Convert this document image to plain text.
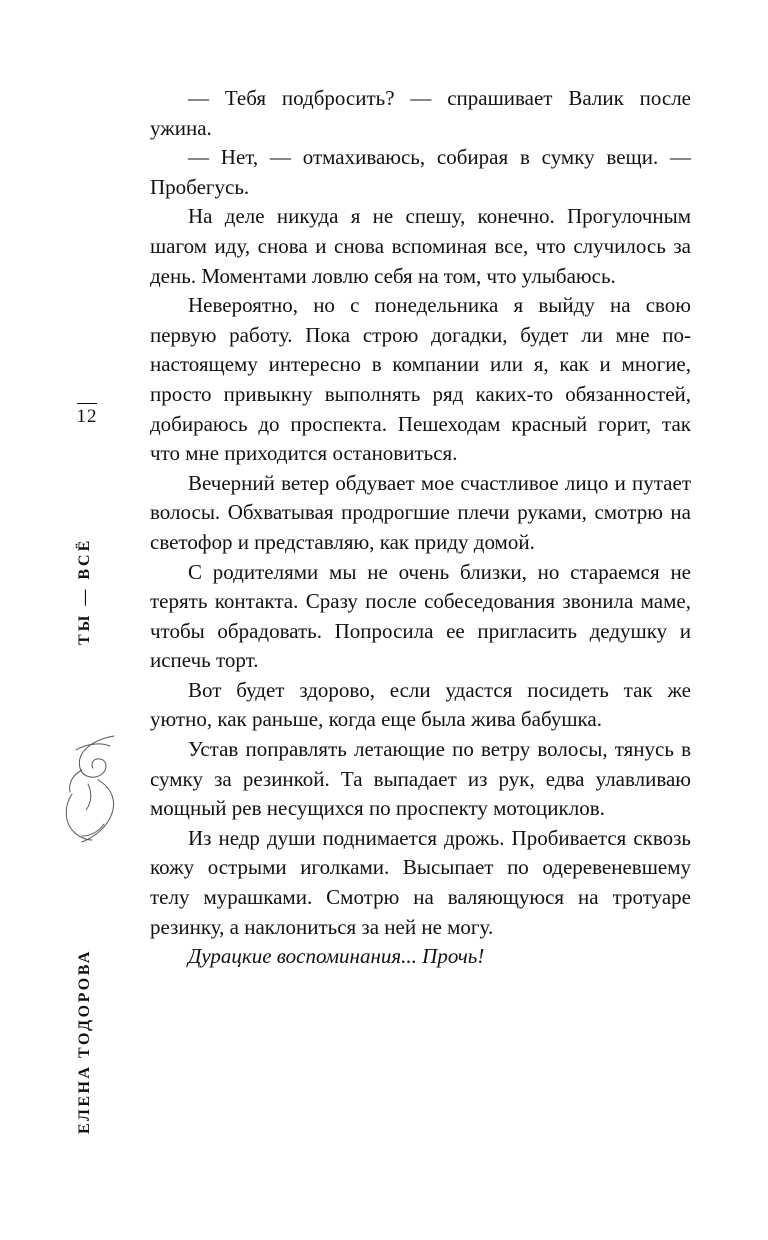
12
ТЫ — ВСЁ
ЕЛЕНА ТОДОРОВА

— Тебя подбросить? — спрашивает Валик после ужина.

— Нет, — отмахиваюсь, собирая в сумку вещи. — Пробегусь.

На деле никуда я не спешу, конечно. Прогулочным шагом иду, снова и снова вспоминая все, что случилось за день. Моментами ловлю себя на том, что улыбаюсь.

Невероятно, но с понедельника я выйду на свою первую работу. Пока строю догадки, будет ли мне по-настоящему интересно в компании или я, как и многие, просто привыкну выполнять ряд каких-то обязанностей, добираюсь до проспекта. Пешеходам красный горит, так что мне приходится остановиться.

Вечерний ветер обдувает мое счастливое лицо и путает волосы. Обхватывая продрогшие плечи руками, смотрю на светофор и представляю, как приду домой.

С родителями мы не очень близки, но стараемся не терять контакта. Сразу после собеседования звонила маме, чтобы обрадовать. Попросила ее пригласить дедушку и испечь торт.

Вот будет здорово, если удастся посидеть так же уютно, как раньше, когда еще была жива бабушка.

Устав поправлять летающие по ветру волосы, тянусь в сумку за резинкой. Та выпадает из рук, едва улавливаю мощный рев несущихся по проспекту мотоциклов.

Из недр души поднимается дрожь. Пробивается сквозь кожу острыми иголками. Высыпает по одеревеневшему телу мурашками. Смотрю на валяющуюся на тротуаре резинку, а наклониться за ней не могу.

Дурацкие воспоминания... Прочь!
